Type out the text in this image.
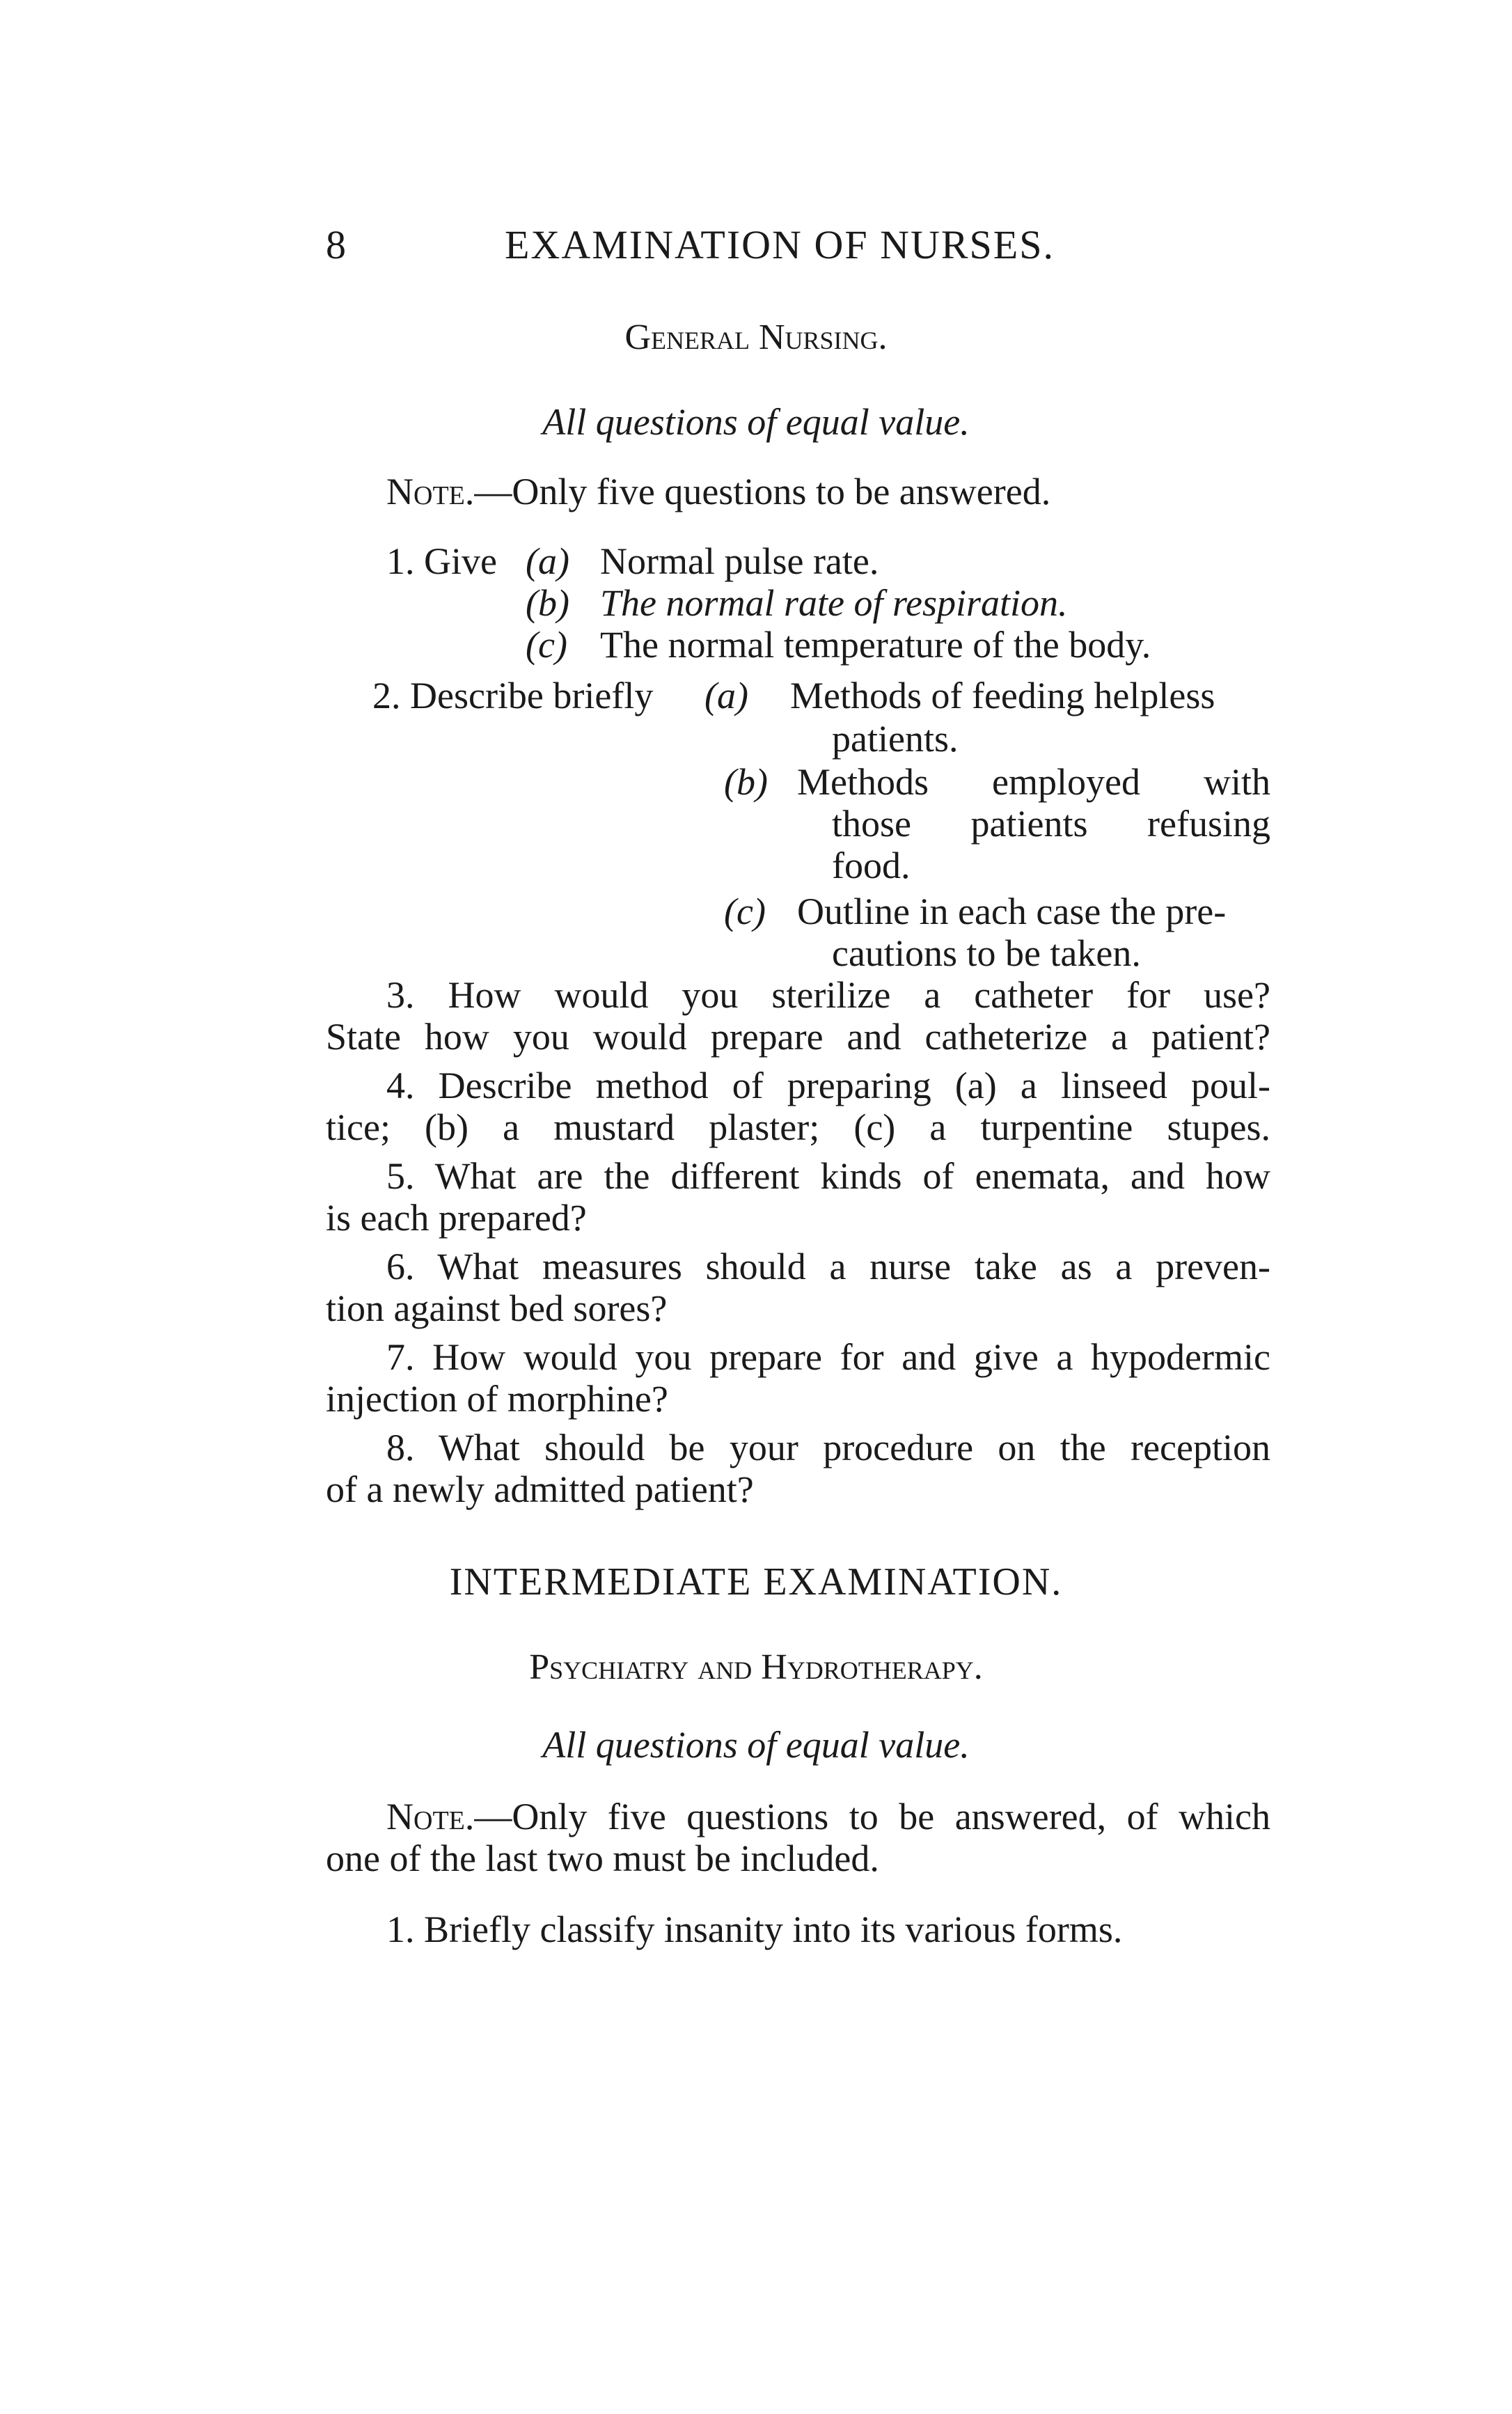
8	EXAMINATION OF NURSES.
General Nursing.
All questions of equal value.
Note.—Only five questions to be answered.
1. Give (a) Normal pulse rate.
(b) The normal rate of respiration.
(c) The normal temperature of the body.
2. Describe briefly (a) Methods of feeding helpless
patients.
(b) Methods employed with
those patients refusing
food.
(c) Outline in each case the pre-
cautions to be taken.
3. How would you sterilize a catheter for use?
State how you would prepare and catheterize a patient?
4. Describe method of preparing (a) a linseed poul-
tice; (b) a mustard plaster; (c) a turpentine stupes.
5. What are the different kinds of enemata, and how
is each prepared?
6. What measures should a nurse take as a preven-
tion against bed sores?
7. How would you prepare for and give a hypodermic
injection of morphine?
8. What should be your procedure on the reception
of a newly admitted patient?
INTERMEDIATE EXAMINATION.
Psychiatry and Hydrotherapy.
All questions of equal value.
Note.—Only five questions to be answered, of which
one of the last two must be included.
1. Briefly classify insanity into its various forms.
